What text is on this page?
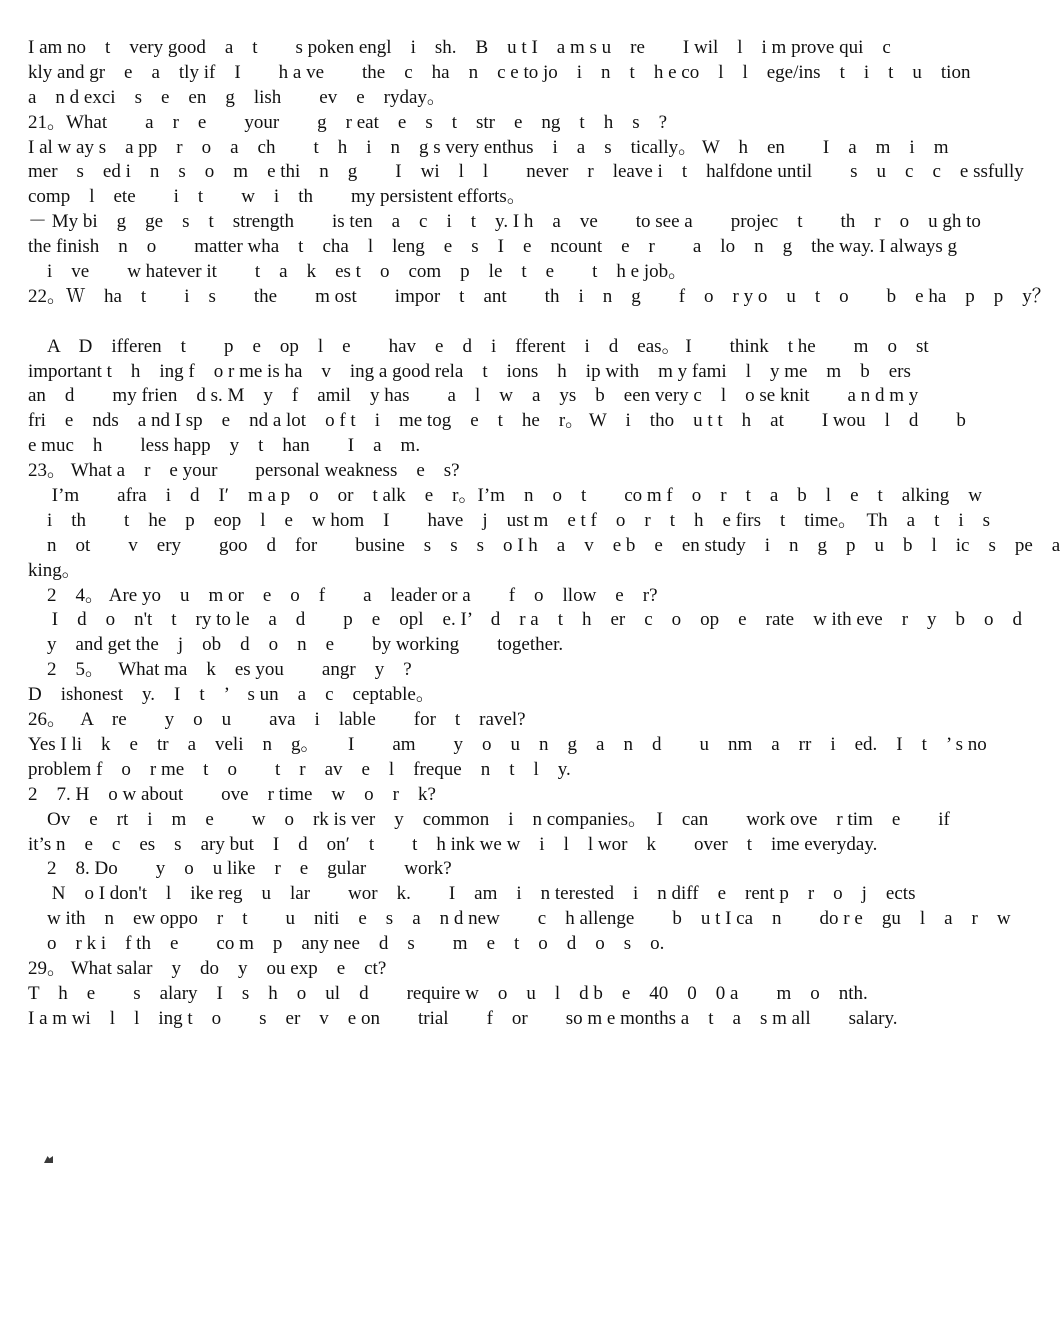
I am no　t　very good　a　t　　s poken engl　i　sh.　B　u t I　a m s u　re　　I wil　l　i m prove qui　c
kly and gr　e　a　tly if　I　　h a ve　　the　c　ha　n　c e to jo　i　n　t　h e co　l　l　ege/ins　t　i　t　u　tion
a　n d exci　s　e　en　g　lish　　ev　e　ryday。
21。What　　a　r　e　　your　　g　r eat　e　s　t　str　e　ng　t　h　s　?
I al w ay s　a pp　r　o　a　ch　　t　h　i　n　g s very enthus　i　a　s　tically。 W　h　en　　I　a　m　i　m
mer　s　ed i　n　s　o　m　e thi　n　g　　I　wi　l　l　　never　r　leave i　t　halfdone until　　s　u　c　c　e ssfully
comp　l　ete　　i　t　　w　i　th　　my persistent efforts。
－ My bi　g　ge　s　t　strength　　is ten　a　c　i　t　y. I h　a　ve　　to see a　　projec　t　　th　r　o　u gh to
the finish　n　o　　matter wha　t　cha　l　leng　e　s　I　e　ncount　e　r　　a　lo　n　g　the way. I always g
　i　ve　　w hatever it　　t　a　k　es t　o　com　p　le　t　e　　t　h e job。
22。Ｗ　ha　t　　i　s　　the　　m ost　　impor　t　ant　　th　i　n　g　　f　o　r y o　u　t　o　　b　e ha　p　p　y？
　A　D　ifferen　t　　p　e　op　l　e　　hav　e　d　i　fferent　i　d　eas。 I　　think　t he　　m　o　st
important t　h　ing f　o r me is ha　v　ing a good rela　t　ions　h　ip with　m y fami　l　y me　m　b　ers
an　d　　my frien　d s. M　y　f　amil　y has　　a　l　w　a　ys　b　een very c　l　o se knit　　a n d m y
fri　e　nds　a nd I sp　e　nd a lot　o f t　i　me tog　e　t　he　r。 W　i　tho　u t t　h　at　　I wou　l　d　　b
e muc　h　　less happ　y　t　han　　I　a　m.
23。 What a　r　e your　　personal weakness　e　s?
　 I’m　　afra　i　d　I′　m a p　o　or　t alk　e　r。I’m　n　o　t　　co m f　o　r　t　a　b　l　e　t　alking　w
　i　th　　t　he　p　eop　l　e　w hom　I　　have　j　ust m　e t f　o　r　t　h　e firs　t　time。　Th　a　t　i　s
　n　ot　　v　ery　　goo　d　for　　busine　s　s　s　o I h　a　v　e b　e　en study　i　n　g　p　u　b　l　ic　s　pe　a
king。
　2　4。 Are yo　u　m or　e　o　f　　a　leader or a　　f　o　llow　e　r?
　 I　d　o　n't　t　ry to le　a　d　　p　e　opl　e. I’　d　r a　t　h　er　c　o　op　e　rate　w ith eve　r　y　b　o　d
　y　and get the　j　ob　d　o　n　e　　by working　　together.
　2　5。　 What ma　k　es you　　angr　y　?
D　ishonest　y.　I　t　’　s un　a　c　ceptable。
26。　 A　re　　y　o　u　　ava　i　lable　　for　t　ravel?
Yes I li　k　e　tr　a　veli　n　g。　　I　　am　　y　o　u　n　g　a　n　d　　u　nm　a　rr　i　ed.　I　t　’ s no
problem f　o　r me　t　o　　t　r　av　e　l　freque　n　t　l　y.
2　7. H　o w about　　ove　r time　w　o　r　k?
　Ov　e　rt　i　m　e　　w　o　rk is ver　y　common　i　n companies。　I　can　　work ove　r tim　e　　if
it’s n　e　c　es　s　ary but　I　d　on′　t　　t　h ink we w　i　l　l wor　k　　over　t　ime everyday.
　2　8. Do　　y　o　u like　r　e　gular　　work?
　 N　o I don't　l　ike reg　u　lar　　wor　k.　　I　am　i　n terested　i　n diff　e　rent p　r　o　j　ects
　w ith　n　ew oppo　r　t　　u　niti　e　s　a　n d new　　c　h allenge　　b　u t I ca　n　　do r e　gu　l　a　r　w
　o　r k i　f th　e　　co m　p　any nee　d　s　　m　e　t　o　d　o　s　o.
29。 What salar　y　do　y　ou exp　e　ct?
T　h　e　　s　alary　I　s　h　o　ul　d　　require w　o　u　l　d b　e　40　0　0 a　　m　o　nth.
I a m wi　l　l　ing t　o　　s　er　v　e on　　trial　　f　or　　so m e months a　t　a　s m all　　salary.
